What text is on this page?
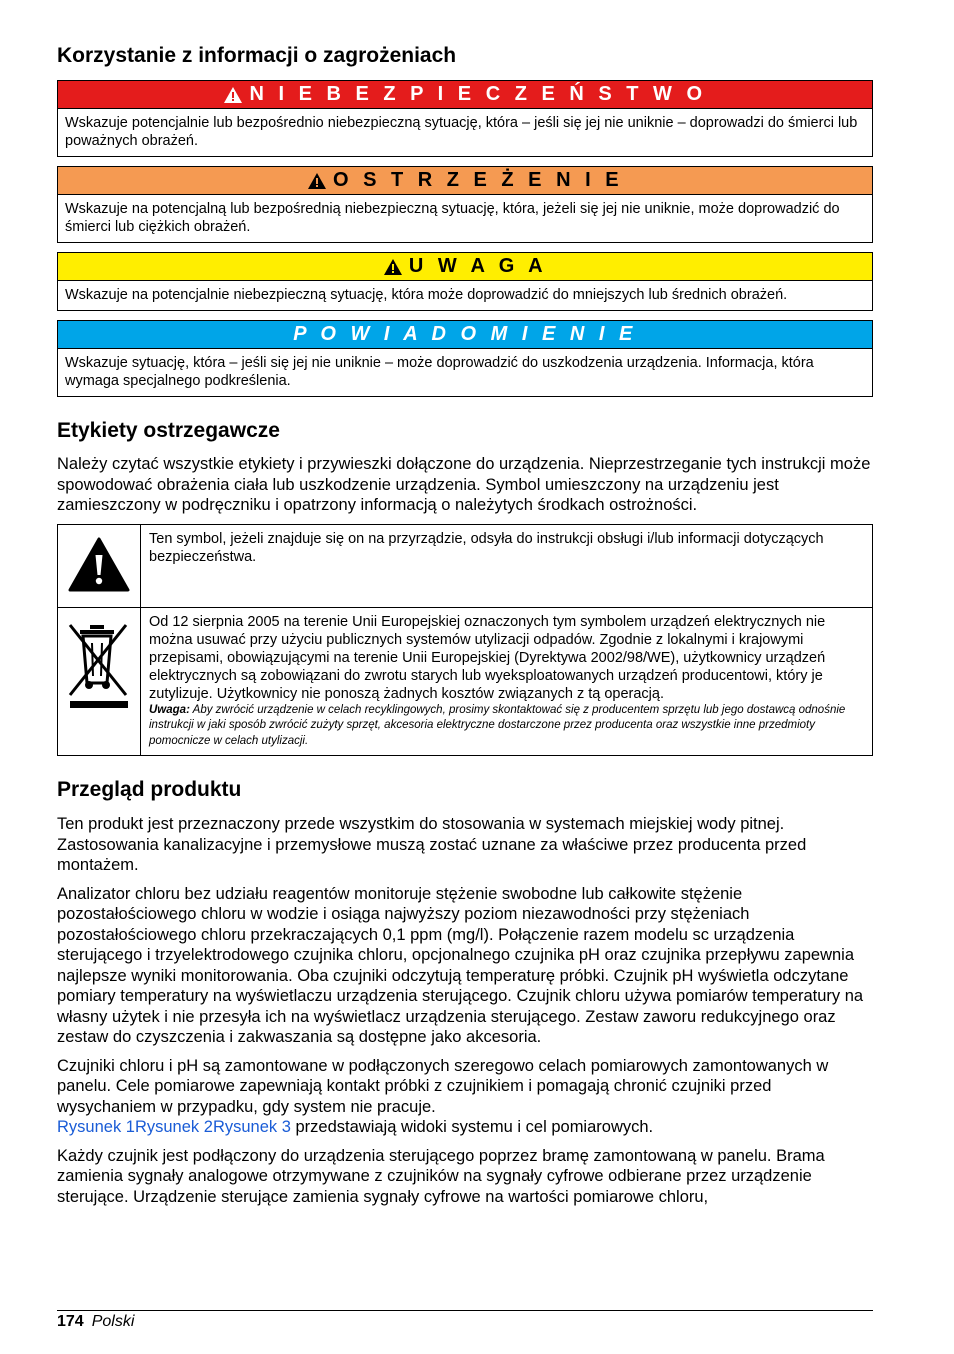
Korzystanie z informacji o zagrożeniach
N I E B E Z P I E C Z E Ń S T W O
Wskazuje potencjalnie lub bezpośrednio niebezpieczną sytuację, która – jeśli się jej nie uniknie – doprowadzi do śmierci lub poważnych obrażeń.
O S T R Z E Ż E N I E
Wskazuje na potencjalną lub bezpośrednią niebezpieczną sytuację, która, jeżeli się jej nie uniknie, może doprowadzić do śmierci lub ciężkich obrażeń.
U W A G A
Wskazuje na potencjalnie niebezpieczną sytuację, która może doprowadzić do mniejszych lub średnich obrażeń.
P O W I A D O M I E N I E
Wskazuje sytuację, która – jeśli się jej nie uniknie – może doprowadzić do uszkodzenia urządzenia. Informacja, która wymaga specjalnego podkreślenia.
Etykiety ostrzegawcze

Należy czytać wszystkie etykiety i przywieszki dołączone do urządzenia. Nieprzestrzeganie tych instrukcji może spowodować obrażenia ciała lub uszkodzenie urządzenia. Symbol umieszczony na urządzeniu jest zamieszczony w podręczniku i opatrzony informacją o należytych środkach ostrożności.

	Ten symbol, jeżeli znajduje się on na przyrządzie, odsyła do instrukcji obsługi i/lub informacji dotyczących bezpieczeństwa.

Od 12 sierpnia 2005 na terenie Unii Europejskiej oznaczonych tym symbolem urządzeń elektrycznych nie można usuwać przy użyciu publicznych systemów utylizacji odpadów. Zgodnie z lokalnymi i krajowymi przepisami, obowiązującymi na terenie Unii Europejskiej (Dyrektywa 2002/98/WE), użytkownicy urządzeń elektrycznych są zobowiązani do zwrotu starych lub wyeksploatowanych urządzeń producentowi, który je zutylizuje. Użytkownicy nie ponoszą żadnych kosztów związanych z tą operacją.
Uwaga: Aby zwrócić urządzenie w celach recyklingowych, prosimy skontaktować się z producentem sprzętu lub jego dostawcą odnośnie instrukcji w jaki sposób zwrócić zużyty sprzęt, akcesoria elektryczne dostarczone przez producenta oraz wszystkie inne przedmioty pomocnicze w celach utylizacji.
Przegląd produktu

Ten produkt jest przeznaczony przede wszystkim do stosowania w systemach miejskiej wody pitnej. Zastosowania kanalizacyjne i przemysłowe muszą zostać uznane za właściwe przez producenta przed montażem.

Analizator chloru bez udziału reagentów monitoruje stężenie swobodne lub całkowite stężenie pozostałościowego chloru w wodzie i osiąga najwyższy poziom niezawodności przy stężeniach pozostałościowego chloru przekraczających 0,1 ppm (mg/l). Połączenie razem modelu sc urządzenia sterującego i trzyelektrodowego czujnika chloru, opcjonalnego czujnika pH oraz czujnika przepływu zapewnia najlepsze wyniki monitorowania. Oba czujniki odczytują temperaturę próbki. Czujnik pH wyświetla odczytane pomiary temperatury na wyświetlaczu urządzenia sterującego. Czujnik chloru używa pomiarów temperatury na własny użytek i nie przesyła ich na wyświetlacz urządzenia sterującego. Zestaw zaworu redukcyjnego oraz zestaw do czyszczenia i zakwaszania są dostępne jako akcesoria.

Czujniki chloru i pH są zamontowane w podłączonych szeregowo celach pomiarowych zamontowanych w panelu. Cele pomiarowe zapewniają kontakt próbki z czujnikiem i pomagają chronić czujniki przed wysychaniem w przypadku, gdy system nie pracuje.
Rysunek 1Rysunek 2Rysunek 3 przedstawiają widoki systemu i cel pomiarowych.

Każdy czujnik jest podłączony do urządzenia sterującego poprzez bramę zamontowaną w panelu. Brama zamienia sygnały analogowe otrzymywane z czujników na sygnały cyfrowe odbierane przez urządzenie sterujące. Urządzenie sterujące zamienia sygnały cyfrowe na wartości pomiarowe chloru,

174 Polski
